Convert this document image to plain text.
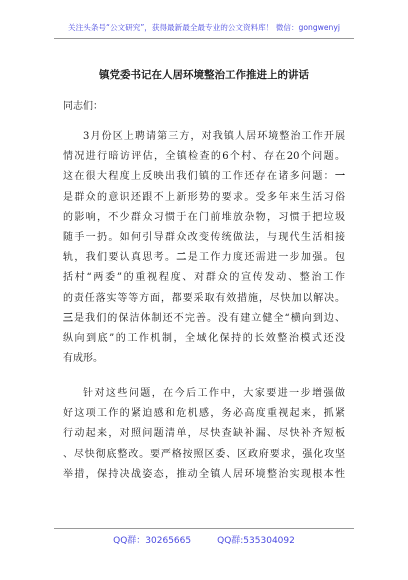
关注头条号“公文研究”，获得最新最全最专业的公文资料库！ 微信：gongwenyj
镇党委书记在人居环境整治工作推进上的讲话
同志们：
3月份区上聘请第三方，对我镇人居环境整治工作开展
情况进行暗访评估，全镇检查的6个村、存在20个问题。
这在很大程度上反映出我们镇的工作还存在诸多问题：一
是群众的意识还跟不上新形势的要求。受多年来生活习俗
的影响，不少群众习惯于在门前堆放杂物，习惯于把垃圾
随手一扔。如何引导群众改变传统做法，与现代生活相接
轨，我们要认真思考。二是工作力度还需进一步加强。包
括村“两委”的重视程度、对群众的宣传发动、整治工作
的责任落实等等方面，都要采取有效措施，尽快加以解决。
三是我们的保洁体制还不完善。没有建立健全“横向到边、
纵向到底”的工作机制，全域化保持的长效整治模式还没
有成形。
针对这些问题，在今后工作中，大家要进一步增强做
好这项工作的紧迫感和危机感，务必高度重视起来，抓紧
行动起来，对照问题清单，尽快查缺补漏、尽快补齐短板
、尽快彻底整改。要严格按照区委、区政府要求，强化攻坚
举措，保持决战姿态，推动全镇人居环境整治实现根本性
QQ群：30265665	QQ群:535304092
